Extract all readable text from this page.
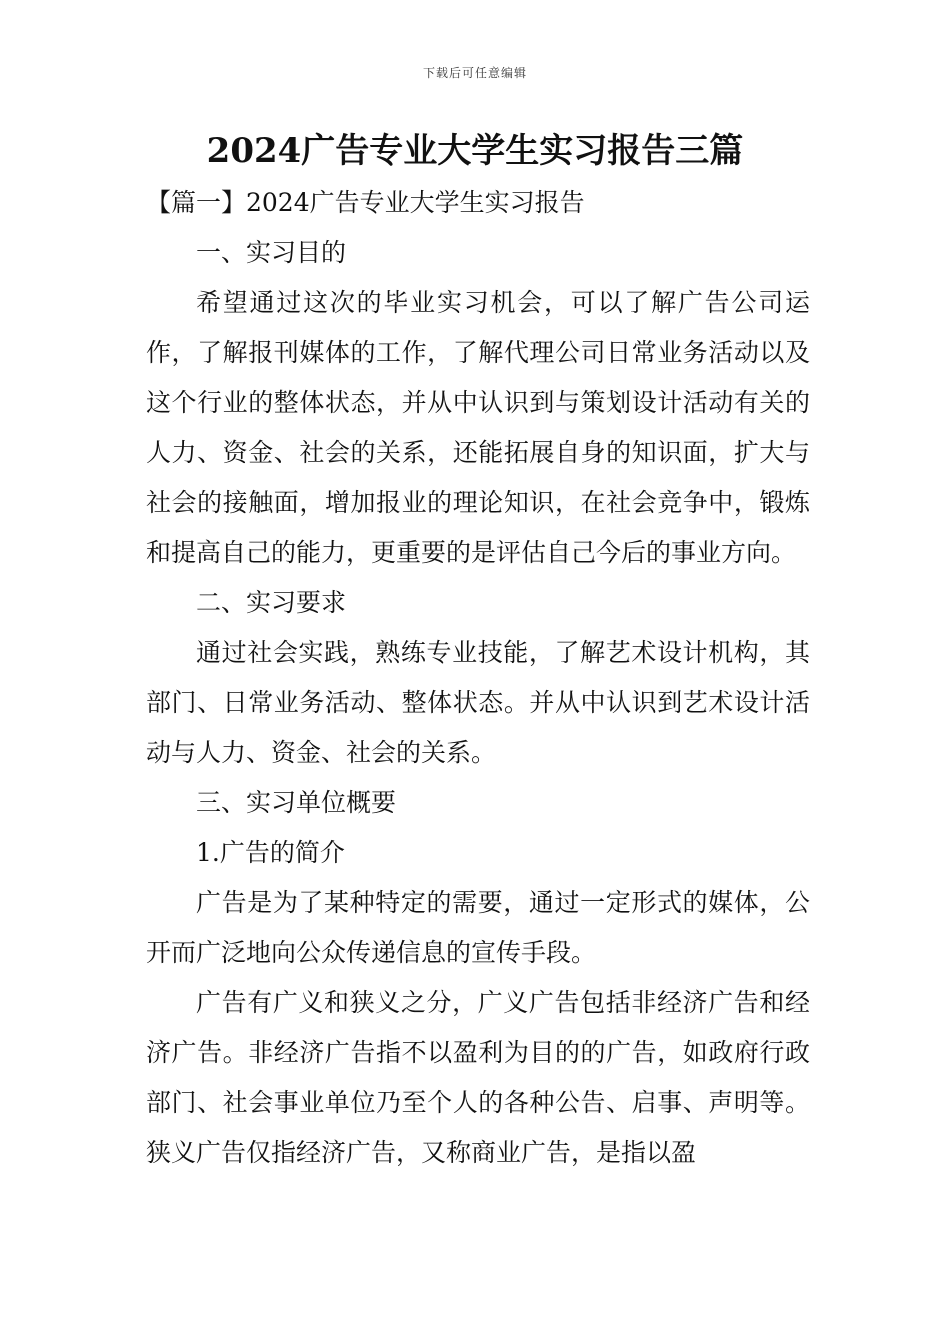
下载后可任意编辑
2024广告专业大学生实习报告三篇
【篇一】2024广告专业大学生实习报告

一、实习目的

希望通过这次的毕业实习机会，可以了解广告公司运作，了解报刊媒体的工作，了解代理公司日常业务活动以及这个行业的整体状态，并从中认识到与策划设计活动有关的人力、资金、社会的关系，还能拓展自身的知识面，扩大与社会的接触面，增加报业的理论知识，在社会竞争中，锻炼和提高自己的能力，更重要的是评估自己今后的事业方向。

二、实习要求

通过社会实践，熟练专业技能，了解艺术设计机构，其部门、日常业务活动、整体状态。并从中认识到艺术设计活动与人力、资金、社会的关系。

三、实习单位概要

1.广告的简介

广告是为了某种特定的需要，通过一定形式的媒体，公开而广泛地向公众传递信息的宣传手段。

广告有广义和狭义之分，广义广告包括非经济广告和经济广告。非经济广告指不以盈利为目的的广告，如政府行政部门、社会事业单位乃至个人的各种公告、启事、声明等。狭义广告仅指经济广告，又称商业广告，是指以盈
